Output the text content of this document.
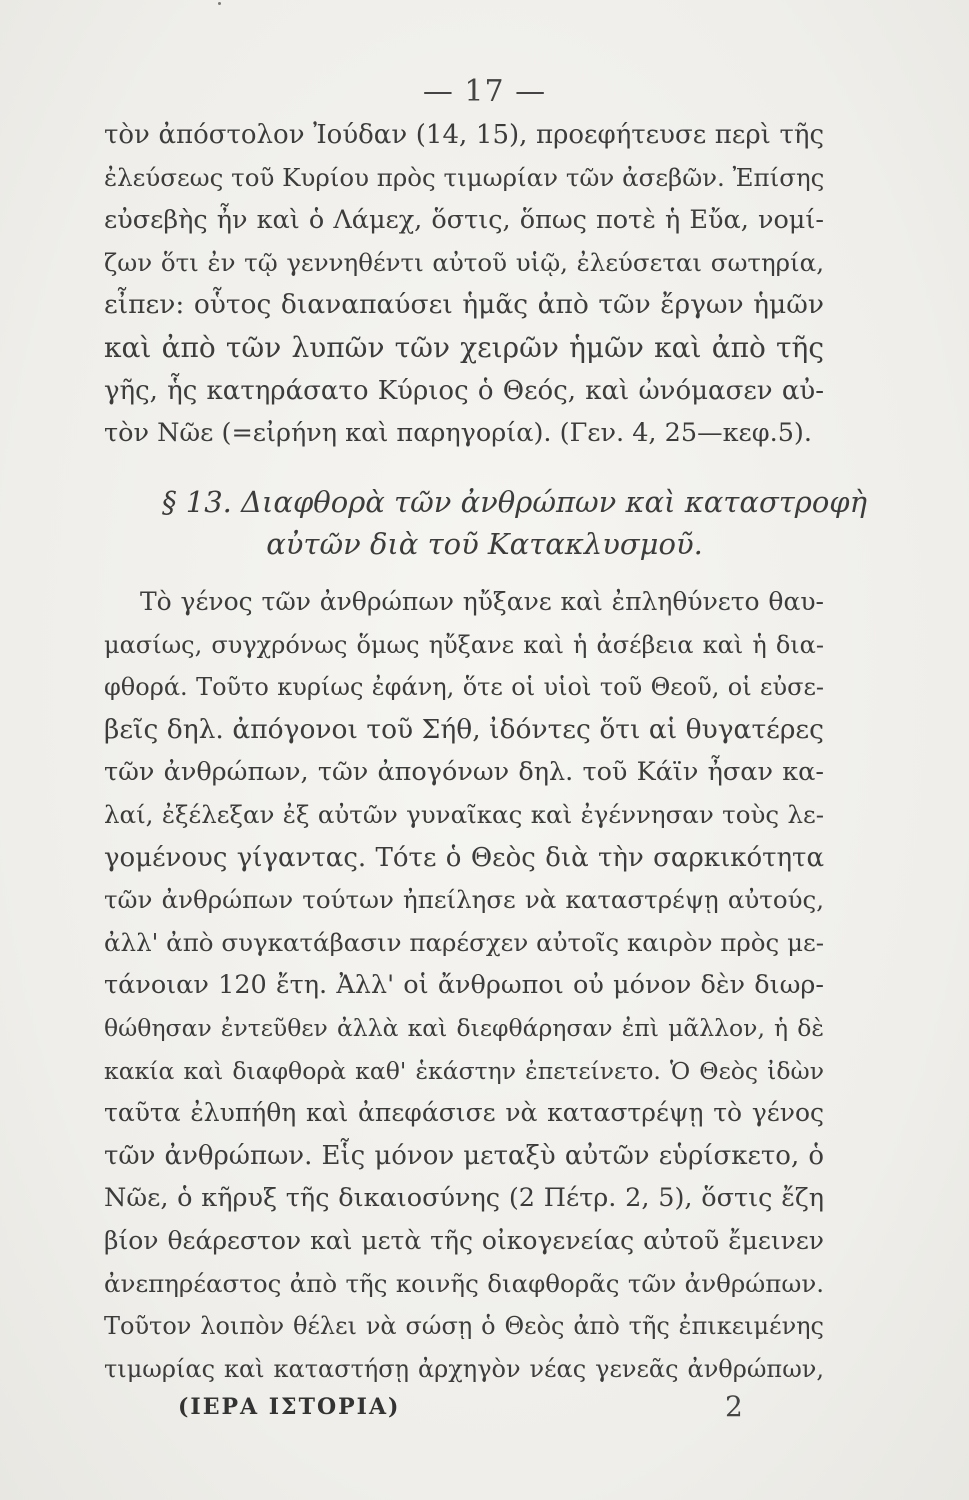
— 17 —
τὸν ἀπόστολον Ἰούδαν (14, 15), προεφήτευσε περὶ τῆς
ἐλεύσεως τοῦ Κυρίου πρὸς τιμωρίαν τῶν ἀσεβῶν. Ἐπίσης
εὐσεβὴς ἦν καὶ ὁ Λάμεχ, ὅστις, ὅπως ποτὲ ἡ Εὔα, νομί-
ζων ὅτι ἐν τῷ γεννηθέντι αὐτοῦ υἱῷ, ἐλεύσεται σωτηρία,
εἶπεν: οὗτος διαναπαύσει ἡμᾶς ἀπὸ τῶν ἔργων ἡμῶν
καὶ ἀπὸ τῶν λυπῶν τῶν χειρῶν ἡμῶν καὶ ἀπὸ τῆς
γῆς, ἧς κατηράσατο Κύριος ὁ Θεός, καὶ ὠνόμασεν αὐ-
τὸν Νῶε (=εἰρήνη καὶ παρηγορία). (Γεν. 4, 25—κεφ.5).
§ 13. Διαφθορὰ τῶν ἀνθρώπων καὶ καταστροφὴ
αὐτῶν διὰ τοῦ Κατακλυσμοῦ.
Τὸ γένος τῶν ἀνθρώπων ηὔξανε καὶ ἐπληθύνετο θαυ-
μασίως, συγχρόνως ὅμως ηὔξανε καὶ ἡ ἀσέβεια καὶ ἡ δια-
φθορά. Τοῦτο κυρίως ἐφάνη, ὅτε οἱ υἱοὶ τοῦ Θεοῦ, οἱ εὐσε-
βεῖς δηλ. ἀπόγονοι τοῦ Σήθ, ἰδόντες ὅτι αἱ θυγατέρες
τῶν ἀνθρώπων, τῶν ἀπογόνων δηλ. τοῦ Κάϊν ἦσαν κα-
λαί, ἐξέλεξαν ἐξ αὐτῶν γυναῖκας καὶ ἐγέννησαν τοὺς λε-
γομένους γίγαντας. Τότε ὁ Θεὸς διὰ τὴν σαρκικότητα
τῶν ἀνθρώπων τούτων ἠπείλησε νὰ καταστρέψῃ αὐτούς,
ἀλλ' ἀπὸ συγκατάβασιν παρέσχεν αὐτοῖς καιρὸν πρὸς με-
τάνοιαν 120 ἔτη. Ἀλλ' οἱ ἄνθρωποι οὐ μόνον δὲν διωρ-
θώθησαν ἐντεῦθεν ἀλλὰ καὶ διεφθάρησαν ἐπὶ μᾶλλον, ἡ δὲ
κακία καὶ διαφθορὰ καθ' ἑκάστην ἐπετείνετο. Ὁ Θεὸς ἰδὼν
ταῦτα ἐλυπήθη καὶ ἀπεφάσισε νὰ καταστρέψῃ τὸ γένος
τῶν ἀνθρώπων. Εἷς μόνον μεταξὺ αὐτῶν εὑρίσκετο, ὁ
Νῶε, ὁ κῆρυξ τῆς δικαιοσύνης (2 Πέτρ. 2, 5), ὅστις ἔζη
βίον θεάρεστον καὶ μετὰ τῆς οἰκογενείας αὐτοῦ ἔμεινεν
ἀνεπηρέαστος ἀπὸ τῆς κοινῆς διαφθορᾶς τῶν ἀνθρώπων.
Τοῦτον λοιπὸν θέλει νὰ σώσῃ ὁ Θεὸς ἀπὸ τῆς ἐπικειμένης
τιμωρίας καὶ καταστήσῃ ἀρχηγὸν νέας γενεᾶς ἀνθρώπων,
(ΙΕΡΑ ΙΣΤΟΡΙΑ)	2
